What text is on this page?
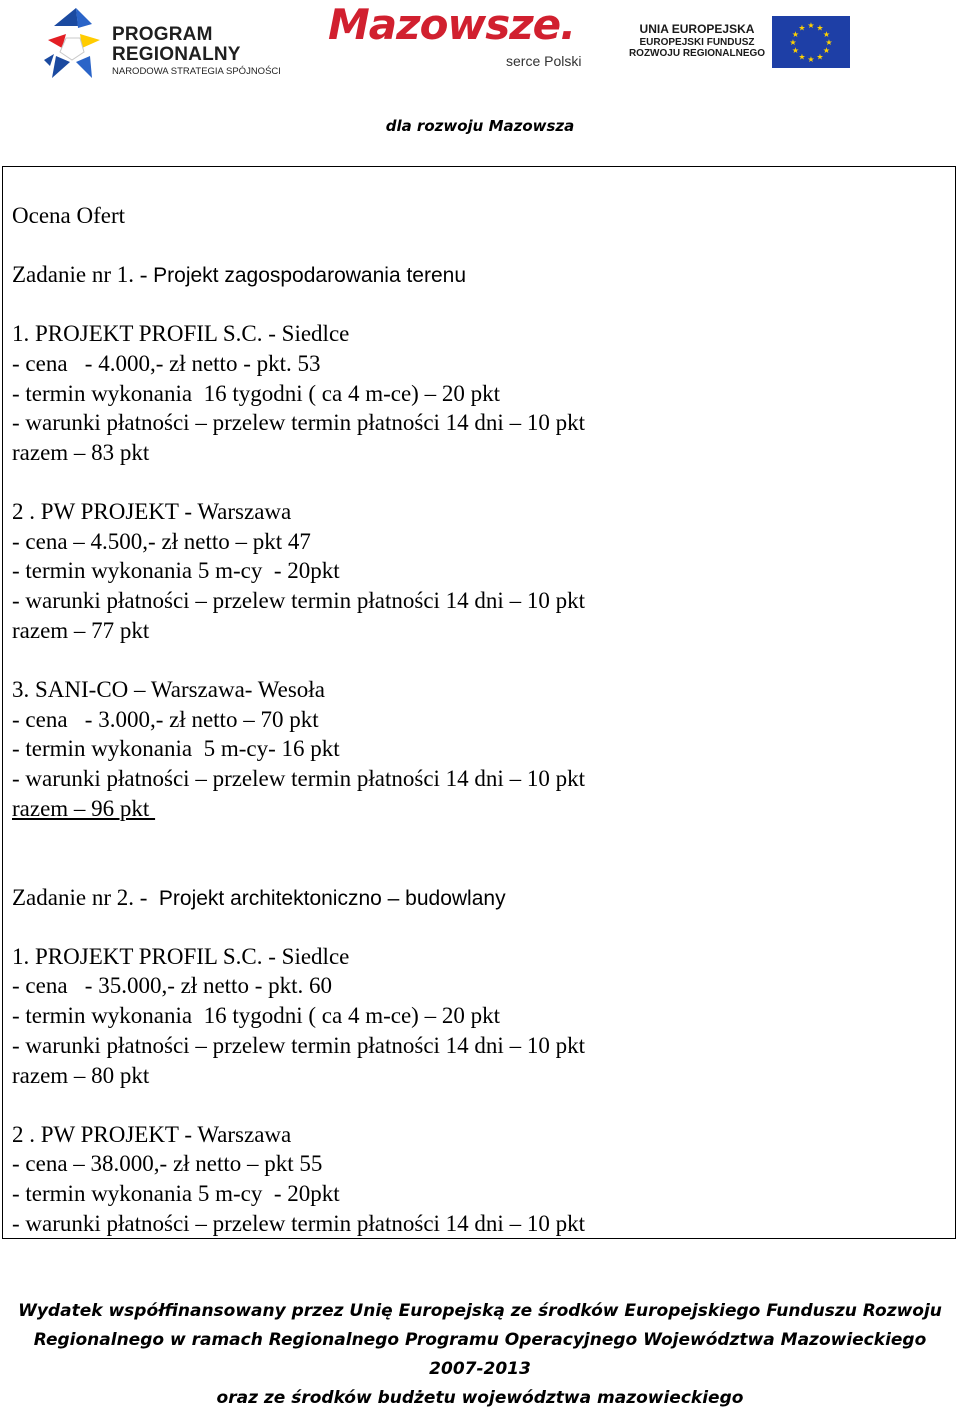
PROGRAM
REGIONALNY
NARODOWA STRATEGIA SPÓJNOŚCI
Mazowsze.
serce Polski
UNIA EUROPEJSKA
EUROPEJSKI FUNDUSZ
ROZWOJU REGIONALNEGO
★ ★
★
★
★
★
★
★
★
★
★
★
dla rozwoju Mazowsza
Ocena Ofert
Zadanie nr 1. - Projekt zagospodarowania terenu
1. PROJEKT PROFIL S.C. - Siedlce
- cena   - 4.000,- zł netto - pkt. 53
- termin wykonania  16 tygodni ( ca 4 m-ce) – 20 pkt
- warunki płatności – przelew termin płatności 14 dni – 10 pkt
razem – 83 pkt
2 . PW PROJEKT - Warszawa
- cena – 4.500,- zł netto – pkt 47
- termin wykonania 5 m-cy  - 20pkt
- warunki płatności – przelew termin płatności 14 dni – 10 pkt
razem – 77 pkt
3. SANI-CO – Warszawa- Wesoła
- cena   - 3.000,- zł netto – 70 pkt
- termin wykonania  5 m-cy- 16 pkt
- warunki płatności – przelew termin płatności 14 dni – 10 pkt
razem – 96 pkt
Zadanie nr 2. -  Projekt architektoniczno – budowlany
1. PROJEKT PROFIL S.C. - Siedlce
- cena   - 35.000,- zł netto - pkt. 60
- termin wykonania  16 tygodni ( ca 4 m-ce) – 20 pkt
- warunki płatności – przelew termin płatności 14 dni – 10 pkt
razem – 80 pkt
2 . PW PROJEKT - Warszawa
- cena – 38.000,- zł netto – pkt 55
- termin wykonania 5 m-cy  - 20pkt
- warunki płatności – przelew termin płatności 14 dni – 10 pkt
Wydatek współfinansowany przez Unię Europejską ze środków Europejskiego Funduszu Rozwoju
Regionalnego w ramach Regionalnego Programu Operacyjnego Województwa Mazowieckiego
2007-2013
oraz ze środków budżetu województwa mazowieckiego
